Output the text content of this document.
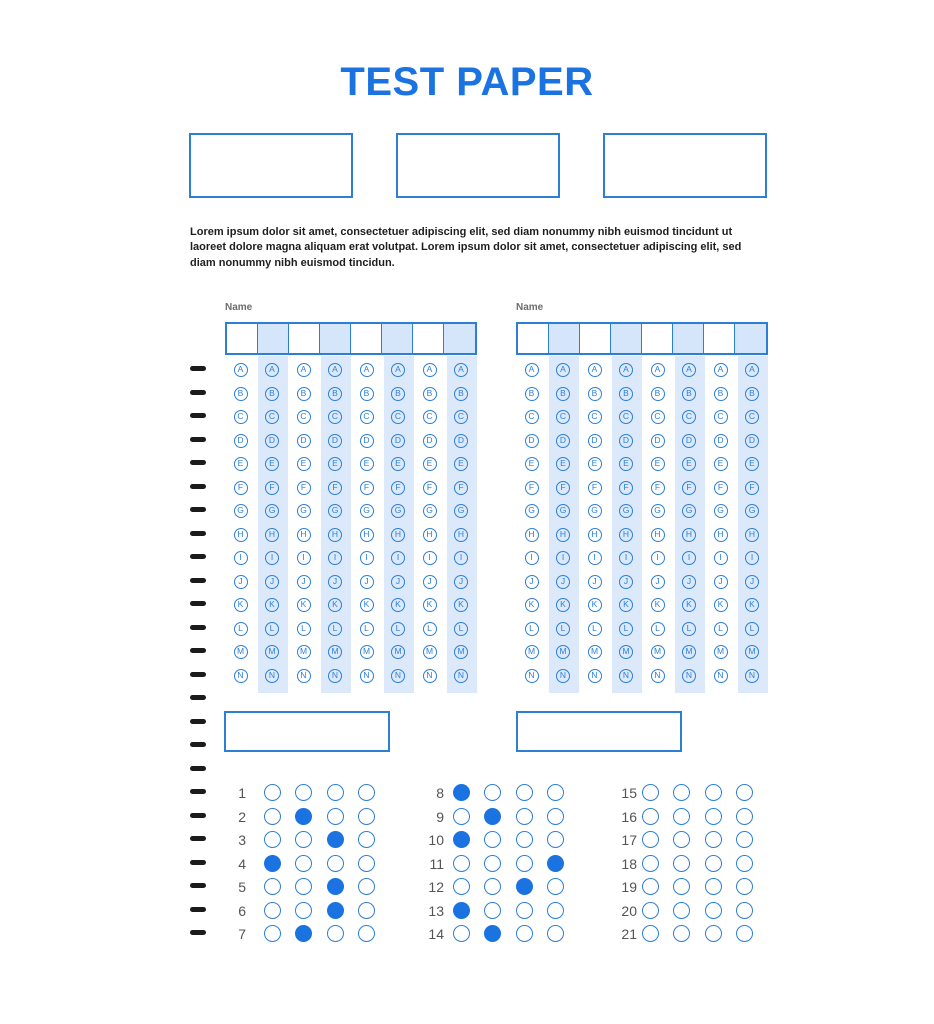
TEST PAPER
Lorem ipsum dolor sit amet, consectetuer adipiscing elit, sed diam nonummy nibh euismod tincidunt ut laoreet dolore magna aliquam erat volutpat. Lorem ipsum dolor sit amet, consectetuer adipiscing elit, sed diam nonummy nibh euismod tincidun.
Name	Name
A
B
C
D
E
F
G
H
I
J
K
L
M
N
A
B
C
D
E
F
G
H
I
J
K
L
M
N
A
B
C
D
E
F
G
H
I
J
K
L
M
N
A
B
C
D
E
F
G
H
I
J
K
L
M
N
A
B
C
D
E
F
G
H
I
J
K
L
M
N
A
B
C
D
E
F
G
H
I
J
K
L
M
N
A
B
C
D
E
F
G
H
I
J
K
L
M
N
A
B
C
D
E
F
G
H
I
J
K
L
M
N
A
B
C
D
E
F
G
H
I
J
K
L
M
N
A
B
C
D
E
F
G
H
I
J
K
L
M
N
A
B
C
D
E
F
G
H
I
J
K
L
M
N
A
B
C
D
E
F
G
H
I
J
K
L
M
N
A
B
C
D
E
F
G
H
I
J
K
L
M
N
A
B
C
D
E
F
G
H
I
J
K
L
M
N
A
B
C
D
E
F
G
H
I
J
K
L
M
N
A
B
C
D
E
F
G
H
I
J
K
L
M
N
1
2
3
4
5
6
7
8
9
10
11
12
13
14
15
16
17
18
19
20
21
